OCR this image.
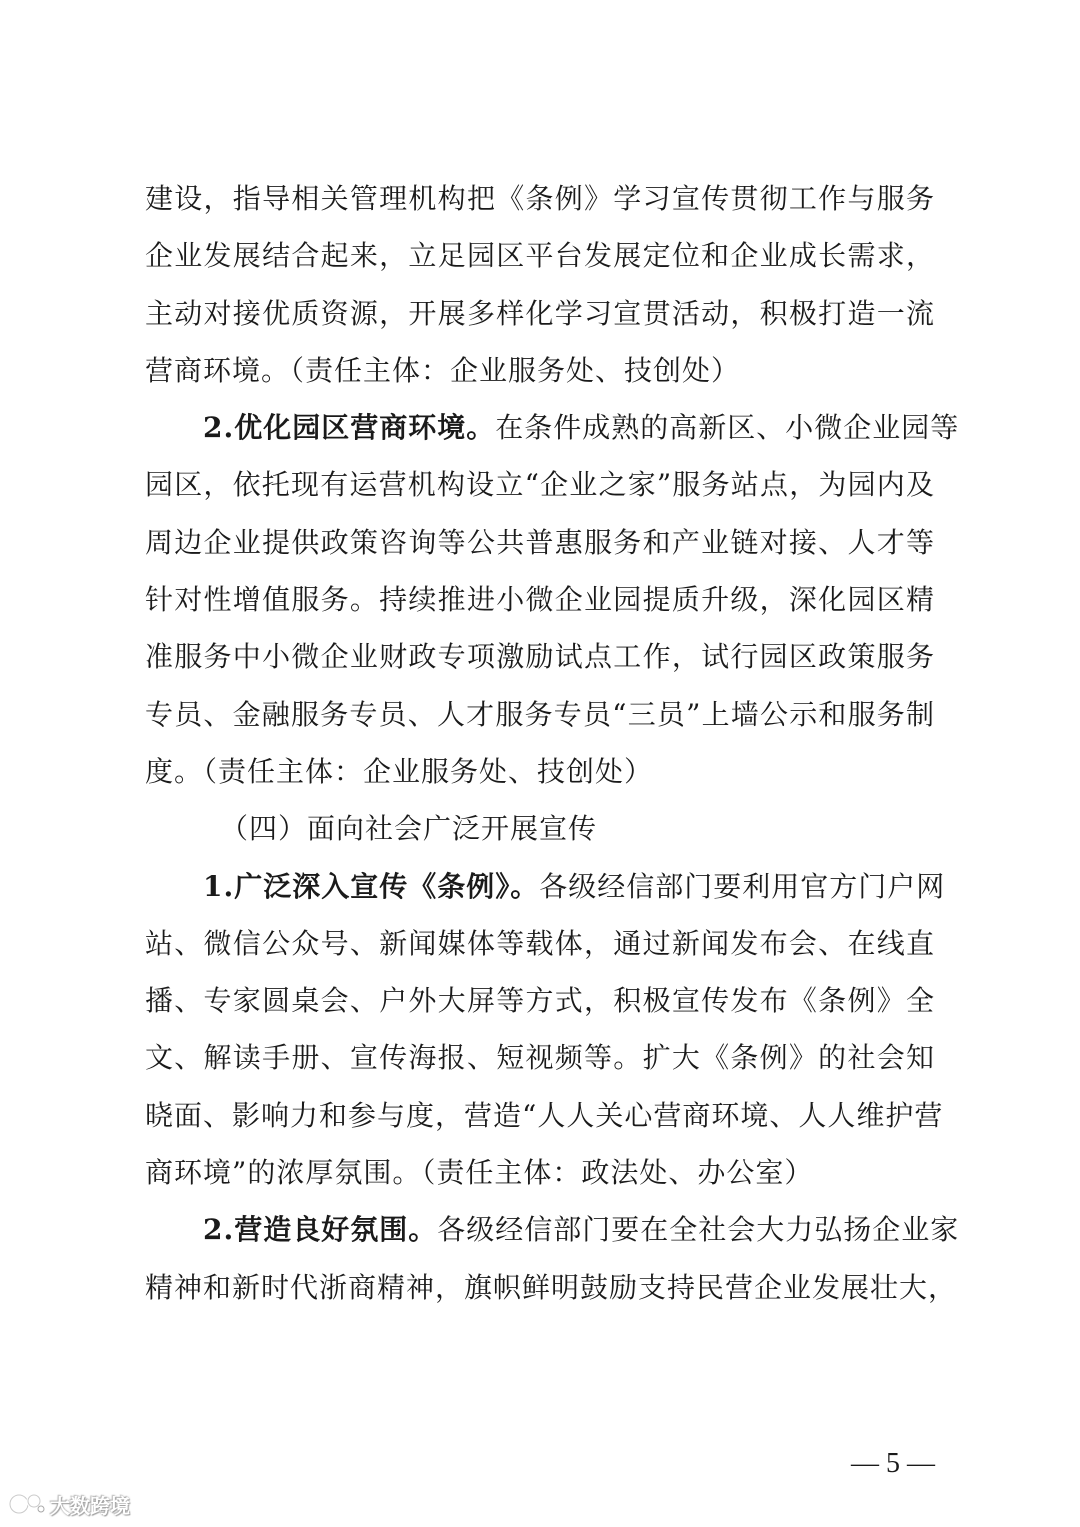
建设，指导相关管理机构把《条例》学习宣传贯彻工作与服务
企业发展结合起来，立足园区平台发展定位和企业成长需求，
主动对接优质资源，开展多样化学习宣贯活动，积极打造一流
营商环境。（责任主体：企业服务处、技创处）
2.优化园区营商环境。在条件成熟的高新区、小微企业园等
园区，依托现有运营机构设立“企业之家”服务站点，为园内及
周边企业提供政策咨询等公共普惠服务和产业链对接、人才等
针对性增值服务。持续推进小微企业园提质升级，深化园区精
准服务中小微企业财政专项激励试点工作，试行园区政策服务
专员、金融服务专员、人才服务专员“三员”上墙公示和服务制
度。（责任主体：企业服务处、技创处）
（四）面向社会广泛开展宣传
1.广泛深入宣传《条例》。各级经信部门要利用官方门户网
站、微信公众号、新闻媒体等载体，通过新闻发布会、在线直
播、专家圆桌会、户外大屏等方式，积极宣传发布《条例》全
文、解读手册、宣传海报、短视频等。扩大《条例》的社会知
晓面、影响力和参与度，营造“人人关心营商环境、人人维护营
商环境”的浓厚氛围。（责任主体：政法处、办公室）
2.营造良好氛围。各级经信部门要在全社会大力弘扬企业家
精神和新时代浙商精神，旗帜鲜明鼓励支持民营企业发展壮大，
— 5 —
大数跨境
